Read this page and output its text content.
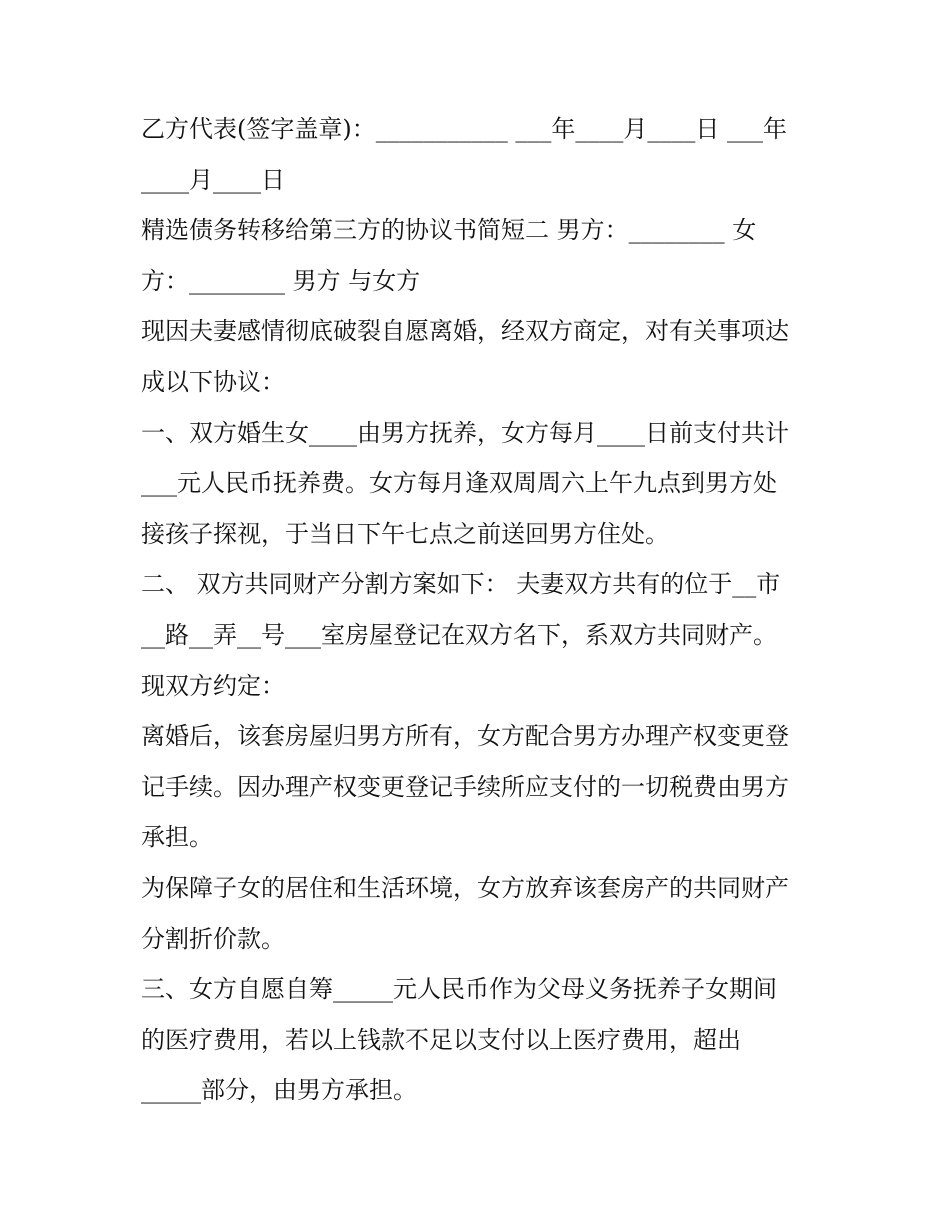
乙方代表(签字盖章)：___________ ___年____月____日 ___年

____月____日

精选债务转移给第三方的协议书简短二 男方：________ 女

方：________ 男方 与女方

现因夫妻感情彻底破裂自愿离婚，经双方商定，对有关事项达

成以下协议：

一、双方婚生女____由男方抚养，女方每月____日前支付共计

___元人民币抚养费。女方每月逢双周周六上午九点到男方处

接孩子探视，于当日下午七点之前送回男方住处。

二、 双方共同财产分割方案如下： 夫妻双方共有的位于__市

__路__弄__号___室房屋登记在双方名下，系双方共同财产。

现双方约定：

离婚后，该套房屋归男方所有，女方配合男方办理产权变更登

记手续。因办理产权变更登记手续所应支付的一切税费由男方

承担。

为保障子女的居住和生活环境，女方放弃该套房产的共同财产

分割折价款。

三、女方自愿自筹_____元人民币作为父母义务抚养子女期间

的医疗费用，若以上钱款不足以支付以上医疗费用，超出

_____部分，由男方承担。
